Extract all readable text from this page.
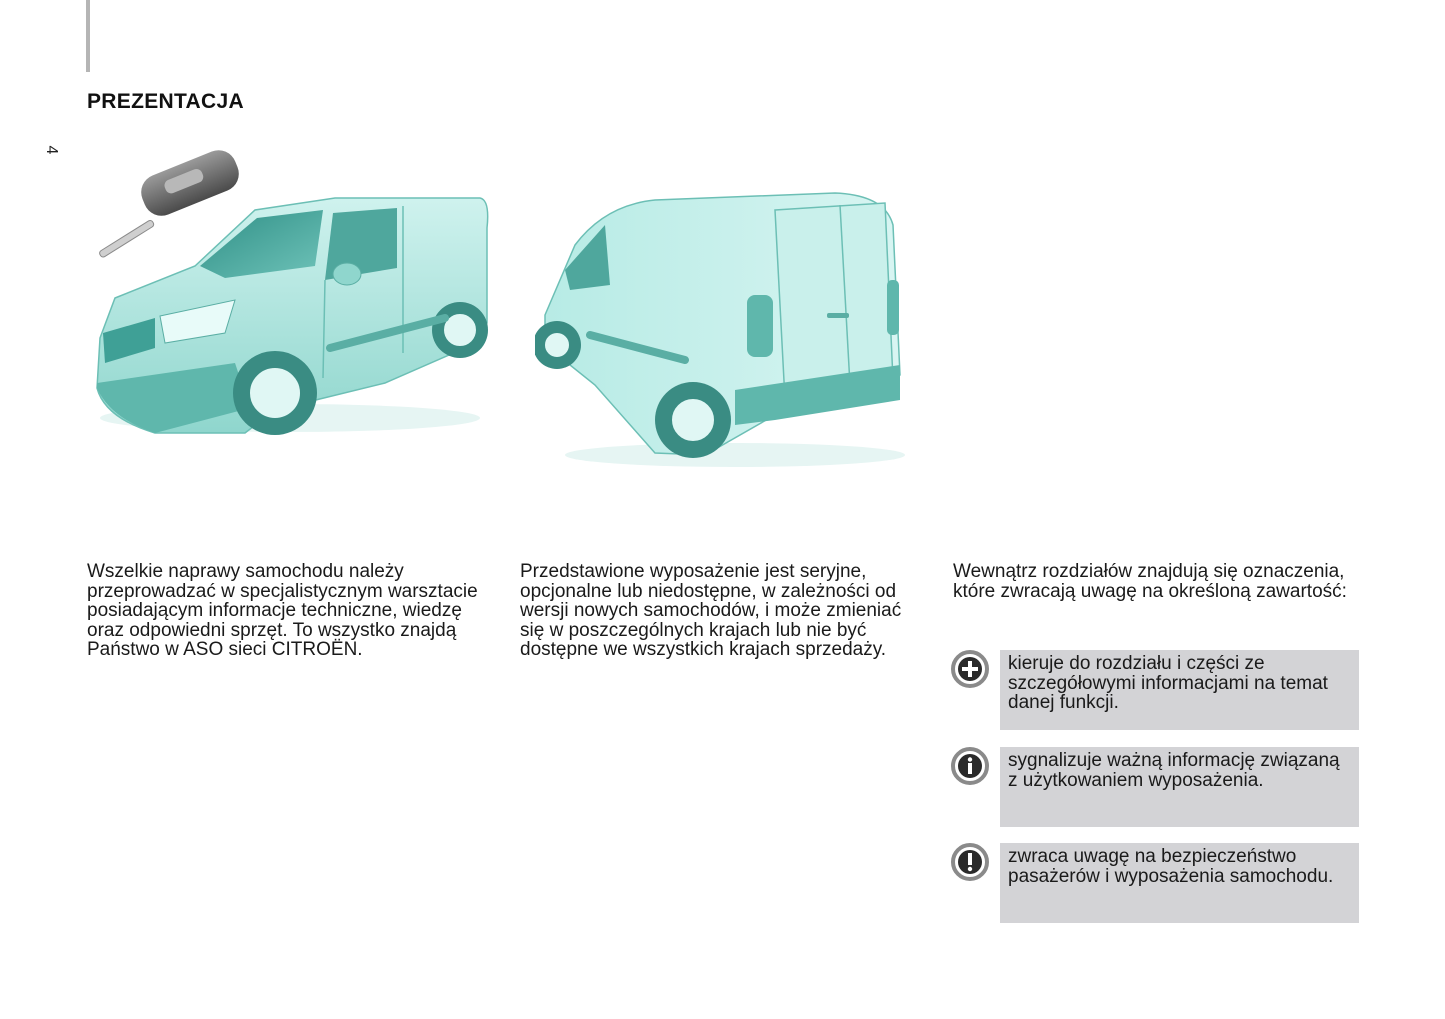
4
PREZENTACJA

Wszelkie naprawy samochodu należy przeprowadzać w specjalistycznym warsztacie posiadającym informacje techniczne, wiedzę oraz odpowiedni sprzęt. To wszystko znajdą Państwo w ASO sieci CITROËN.

Przedstawione wyposażenie jest seryjne, opcjonalne lub niedostępne, w zależności od wersji nowych samochodów, i może zmieniać się w poszczególnych krajach lub nie być dostępne we wszystkich krajach sprzedaży.

Wewnątrz rozdziałów znajdują się oznaczenia, które zwracają uwagę na określoną zawartość:

kieruje do rozdziału i części ze szczegółowymi informacjami na temat danej funkcji.
sygnalizuje ważną informację związaną z użytkowaniem wyposażenia.
zwraca uwagę na bezpieczeństwo pasażerów i wyposażenia samochodu.
